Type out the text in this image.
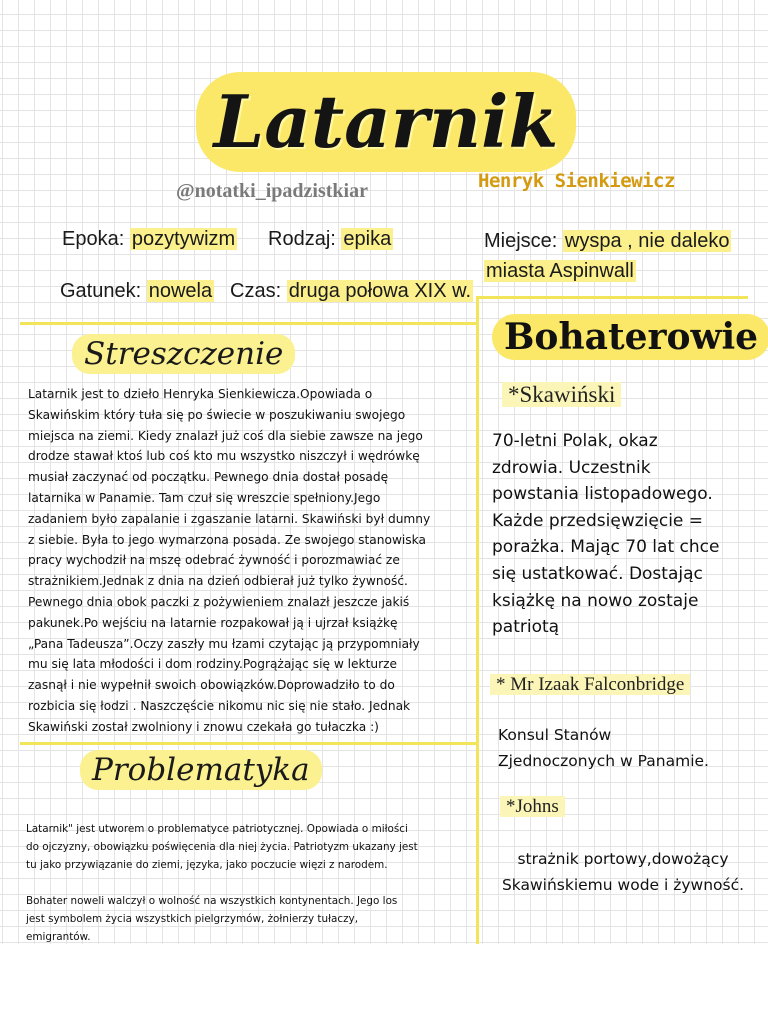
Latarnik
@notatki_ipadzistkiar	Henryk Sienkiewicz
Epoka: pozytywizm Rodzaj: epika
Gatunek: nowela Czas: druga połowa XIX w.
Miejsce: wyspa , nie daleko
miasta Aspinwall
Streszczenie
Latarnik jest to dzieło Henryka Sienkiewicza.Opowiada o
Skawińskim który tuła się po świecie w poszukiwaniu swojego
miejsca na ziemi. Kiedy znalazł już coś dla siebie zawsze na jego
drodze stawał ktoś lub coś kto mu wszystko niszczył i wędrówkę
musiał zaczynać od początku. Pewnego dnia dostał posadę
latarnika w Panamie. Tam czuł się wreszcie spełniony.Jego
zadaniem było zapalanie i zgaszanie latarni. Skawiński był dumny
z siebie. Była to jego wymarzona posada. Ze swojego stanowiska
pracy wychodził na mszę odebrać żywność i porozmawiać ze
strażnikiem.Jednak z dnia na dzień odbierał już tylko żywność.
Pewnego dnia obok paczki z pożywieniem znalazł jeszcze jakiś
pakunek.Po wejściu na latarnie rozpakował ją i ujrzał książkę
„Pana Tadeusza”.Oczy zaszły mu łzami czytając ją przypomniały
mu się lata młodości i dom rodziny.Pogrążając się w lekturze
zasnął i nie wypełnił swoich obowiązków.Doprowadziło to do
rozbicia się łodzi . Naszczęście nikomu nic się nie stało. Jednak
Skawiński został zwolniony i znowu czekała go tułaczka :)
Problematyka
Latarnik" jest utworem o problematyce patriotycznej. Opowiada o miłości
do ojczyzny, obowiązku poświęcenia dla niej życia. Patriotyzm ukazany jest
tu jako przywiązanie do ziemi, języka, jako poczucie więzi z narodem.
Bohater noweli walczył o wolność na wszystkich kontynentach. Jego los
jest symbolem życia wszystkich pielgrzymów, żołnierzy tułaczy,
emigrantów.
Bohaterowie
*Skawiński
70-letni Polak, okaz
zdrowia. Uczestnik
powstania listopadowego.
Każde przedsięwzięcie =
porażka. Mając 70 lat chce
się ustatkować. Dostając
książkę na nowo zostaje
patriotą
* Mr Izaak Falconbridge
Konsul Stanów
Zjednoczonych w Panamie.
*Johns
strażnik portowy,dowożący
Skawińskiemu wode i żywność.
